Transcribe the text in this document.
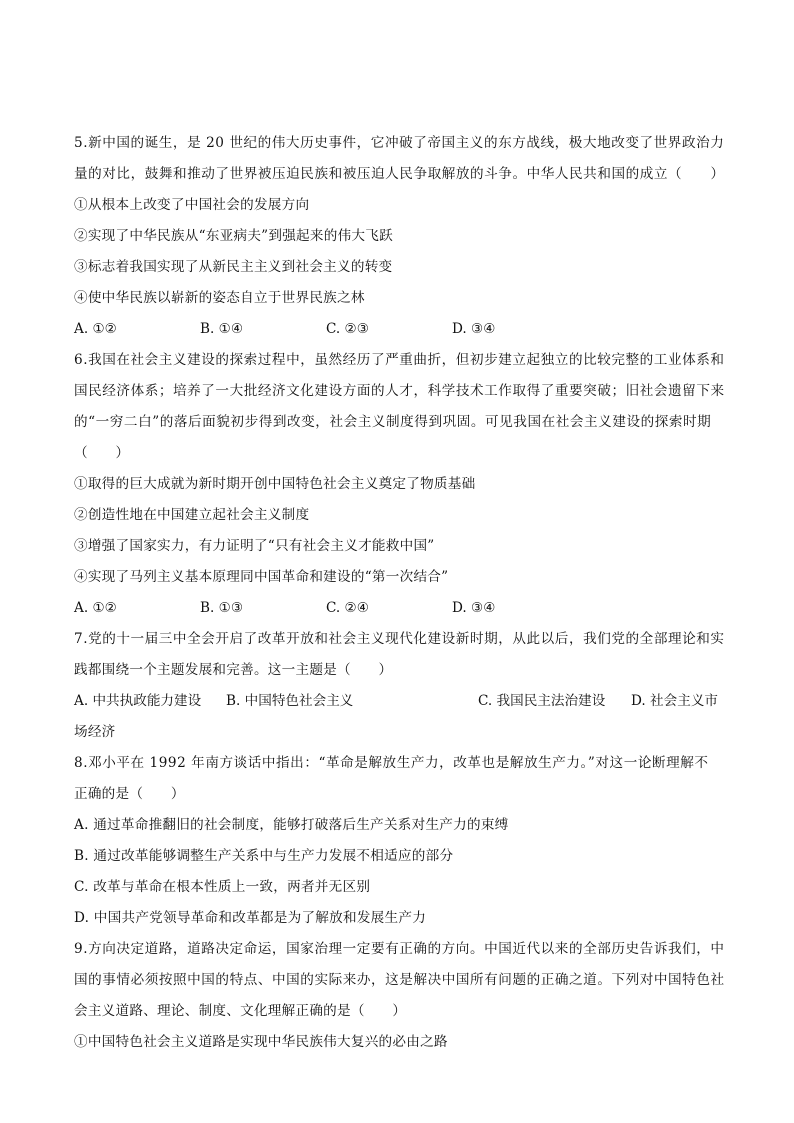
5.新中国的诞生，是 20 世纪的伟大历史事件，它冲破了帝国主义的东方战线，极大地改变了世界政治力
量的对比，鼓舞和推动了世界被压迫民族和被压迫人民争取解放的斗争。中华人民共和国的成立（　　）
①从根本上改变了中国社会的发展方向
②实现了中华民族从“东亚病夫”到强起来的伟大飞跃
③标志着我国实现了从新民主主义到社会主义的转变
④使中华民族以崭新的姿态自立于世界民族之林
A. ①②	B. ①④	C. ②③	D. ③④
6.我国在社会主义建设的探索过程中，虽然经历了严重曲折，但初步建立起独立的比较完整的工业体系和
国民经济体系；培养了一大批经济文化建设方面的人才，科学技术工作取得了重要突破；旧社会遗留下来
的“一穷二白”的落后面貌初步得到改变，社会主义制度得到巩固。可见我国在社会主义建设的探索时期
（　　）
①取得的巨大成就为新时期开创中国特色社会主义奠定了物质基础
②创造性地在中国建立起社会主义制度
③增强了国家实力，有力证明了“只有社会主义才能救中国”
④实现了马列主义基本原理同中国革命和建设的“第一次结合”
A. ①②	B. ①③	C. ②④	D. ③④
7.党的十一届三中全会开启了改革开放和社会主义现代化建设新时期，从此以后，我们党的全部理论和实
践都围绕一个主题发展和完善。这一主题是（　　）
A. 中共执政能力建设	B. 中国特色社会主义	C. 我国民主法治建设	D. 社会主义市
场经济
8.邓小平在 1992 年南方谈话中指出：“革命是解放生产力，改革也是解放生产力。”对这一论断理解不
正确的是（　　）
A. 通过革命推翻旧的社会制度，能够打破落后生产关系对生产力的束缚
B. 通过改革能够调整生产关系中与生产力发展不相适应的部分
C. 改革与革命在根本性质上一致，两者并无区别
D. 中国共产党领导革命和改革都是为了解放和发展生产力
9.方向决定道路，道路决定命运，国家治理一定要有正确的方向。中国近代以来的全部历史告诉我们，中
国的事情必须按照中国的特点、中国的实际来办，这是解决中国所有问题的正确之道。下列对中国特色社
会主义道路、理论、制度、文化理解正确的是（　　）
①中国特色社会主义道路是实现中华民族伟大复兴的必由之路
